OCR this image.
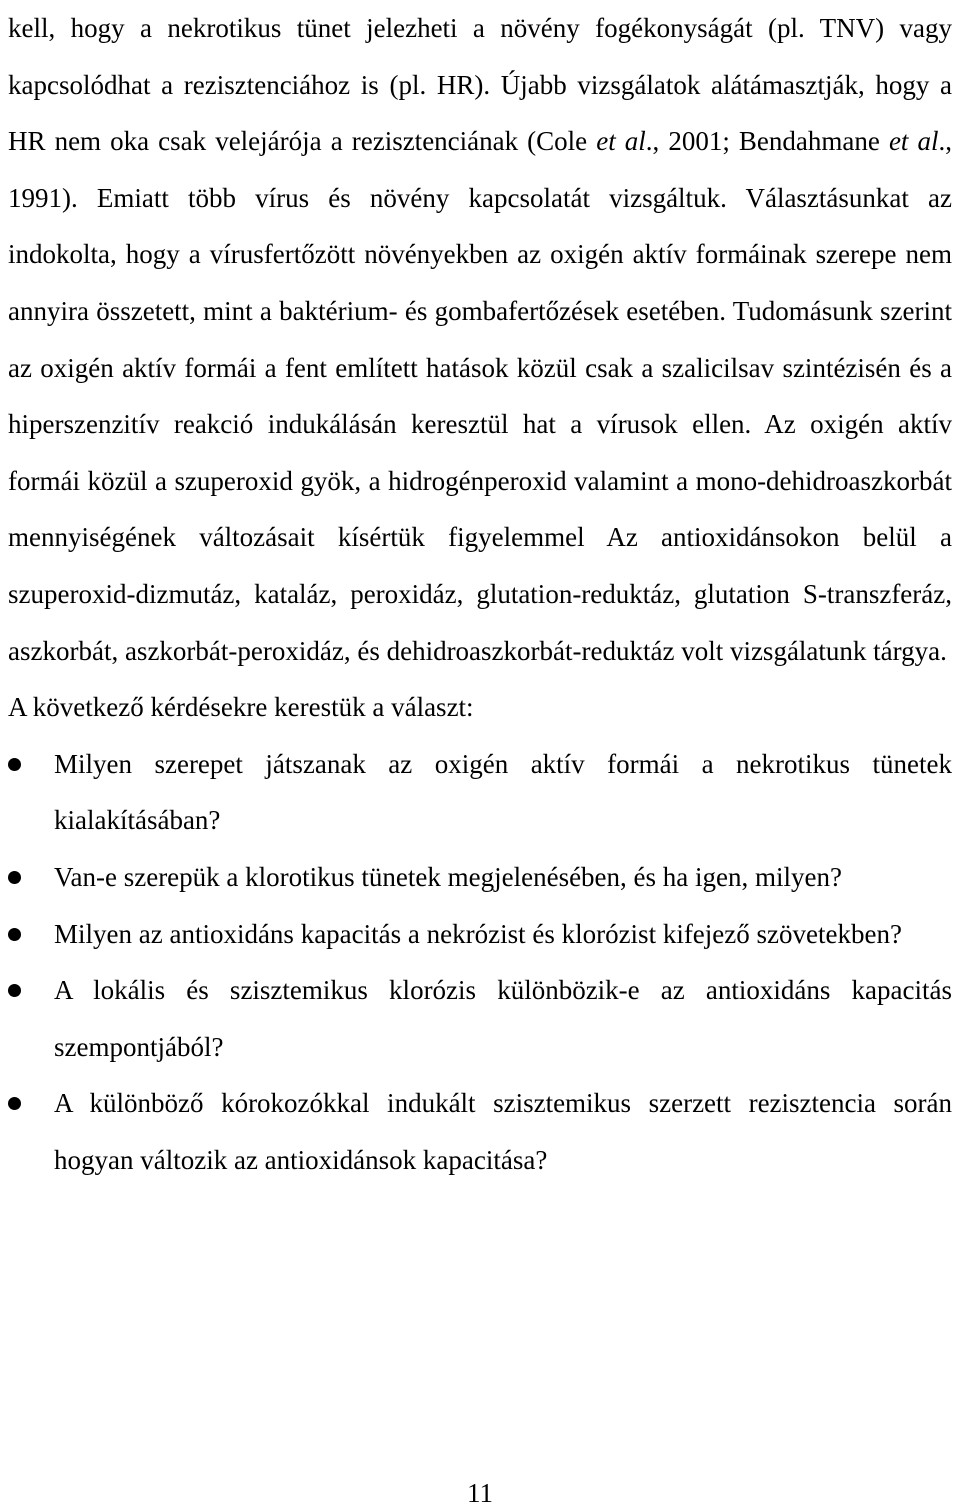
kell, hogy a nekrotikus tünet jelezheti a növény fogékonyságát (pl. TNV) vagy kapcsolódhat a rezisztenciához is (pl. HR). Újabb vizsgálatok alátámasztják, hogy a HR nem oka csak velejárója a rezisztenciának (Cole et al., 2001; Bendahmane et al., 1991). Emiatt több vírus és növény kapcsolatát vizsgáltuk. Választásunkat az indokolta, hogy a vírusfertőzött növényekben az oxigén aktív formáinak szerepe nem annyira összetett, mint a baktérium- és gombafertőzések esetében. Tudomásunk szerint az oxigén aktív formái a fent említett hatások közül csak a szalicilsav szintézisén és a hiperszenzitív reakció indukálásán keresztül hat a vírusok ellen. Az oxigén aktív formái közül a szuperoxid gyök, a hidrogénperoxid valamint a mono-dehidroaszkorbát mennyiségének változásait kísértük figyelemmel Az antioxidánsokon belül a szuperoxid-dizmutáz, kataláz, peroxidáz, glutation-reduktáz, glutation S-transzferáz, aszkorbát, aszkorbát-peroxidáz, és dehidroaszkorbát-reduktáz volt vizsgálatunk tárgya.

A következő kérdésekre kerestük a választ:

Milyen szerepet játszanak az oxigén aktív formái a nekrotikus tünetek kialakításában?
Van-e szerepük a klorotikus tünetek megjelenésében, és ha igen, milyen?
Milyen az antioxidáns kapacitás a nekrózist és klorózist kifejező szövetekben?
A lokális és szisztemikus klorózis különbözik-e az antioxidáns kapacitás szempontjából?
A különböző kórokozókkal indukált szisztemikus szerzett rezisztencia során hogyan változik az antioxidánsok kapacitása?
11
